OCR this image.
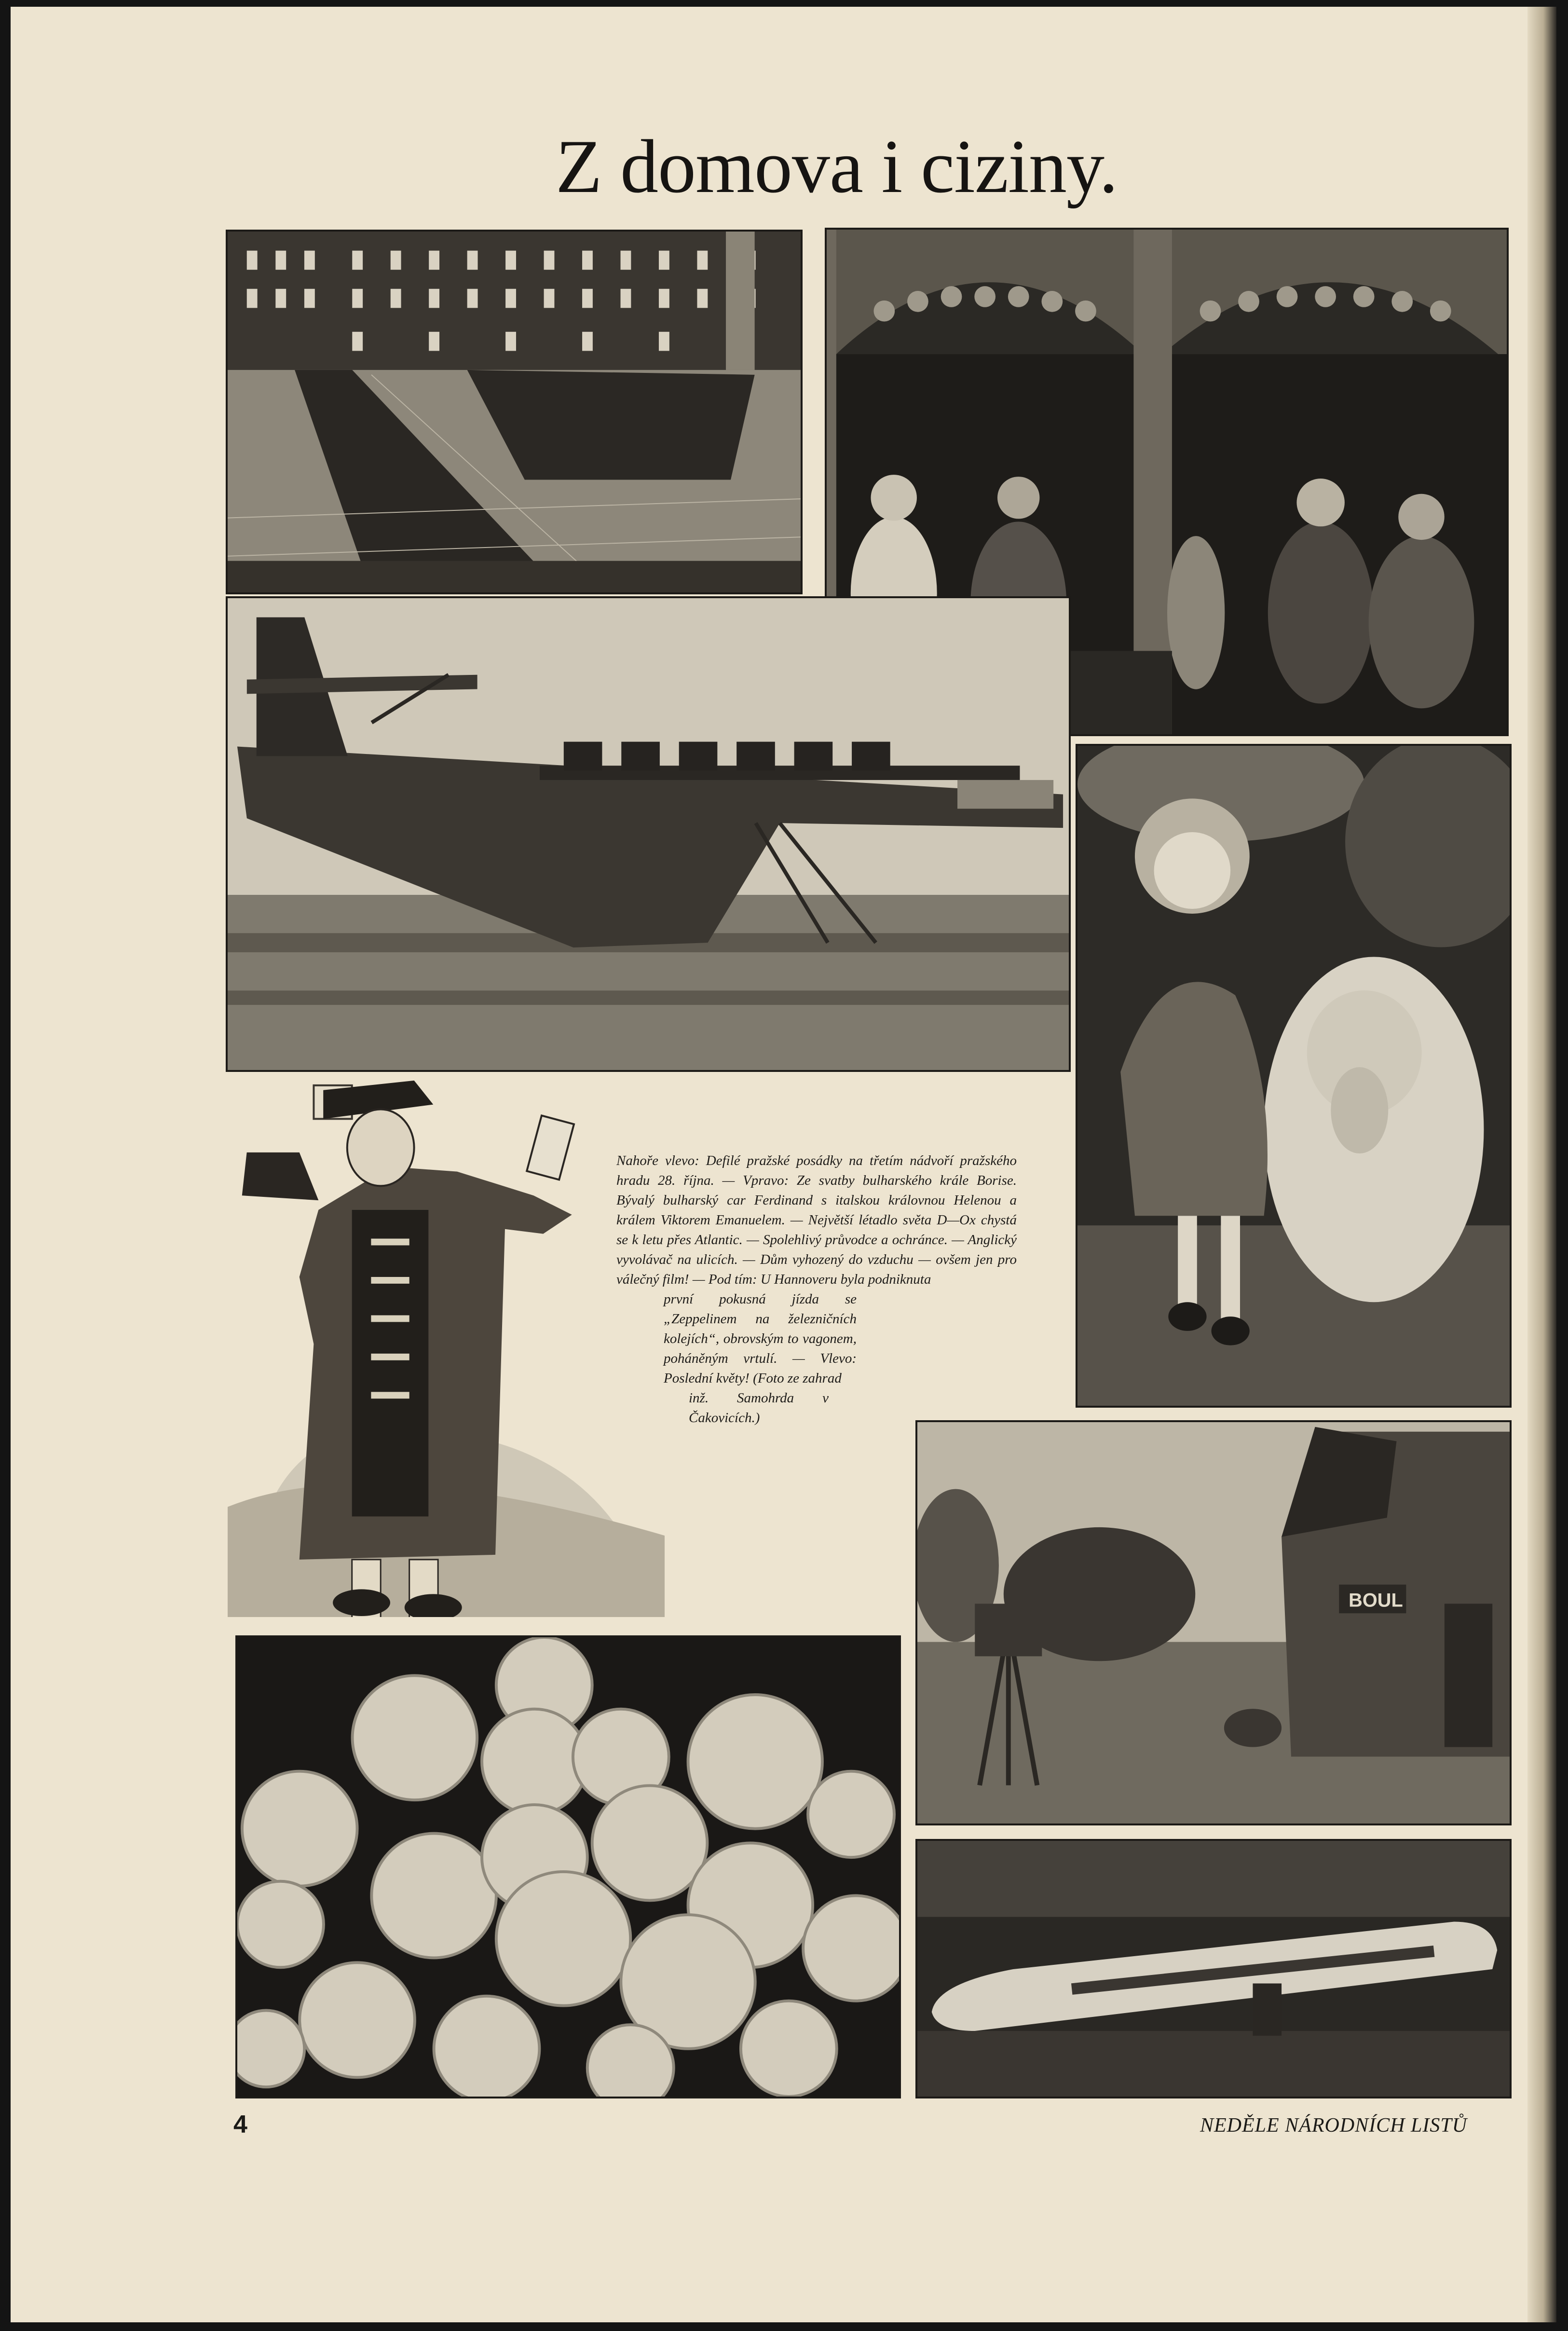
Z domova i ciziny.

Nahoře vlevo: Defilé pražské posádky na třetím nádvoří pražského hradu 28. října. — Vpravo: Ze svatby bulharského krále Borise. Bývalý bulharský car Ferdinand s italskou královnou Helenou a králem Viktorem Emanuelem. — Největší létadlo světa D—Ox chystá se k letu přes Atlantic. — Spolehlivý průvodce a ochránce. — Anglický vyvolávač na ulicích. — Dům vyhozený do vzduchu — ovšem jen pro válečný film! — Pod tím: U Hannoveru byla podniknuta

první pokusná jízda se „Zeppelinem na železničních kolejích“, obrovským to vagonem, poháněným vrtulí. — Vlevo: Poslední květy! (Foto ze zahrad

inž. Samohrda v Čakovicích.)

BOUL
4	NEDĚLE NÁRODNÍCH LISTŮ
